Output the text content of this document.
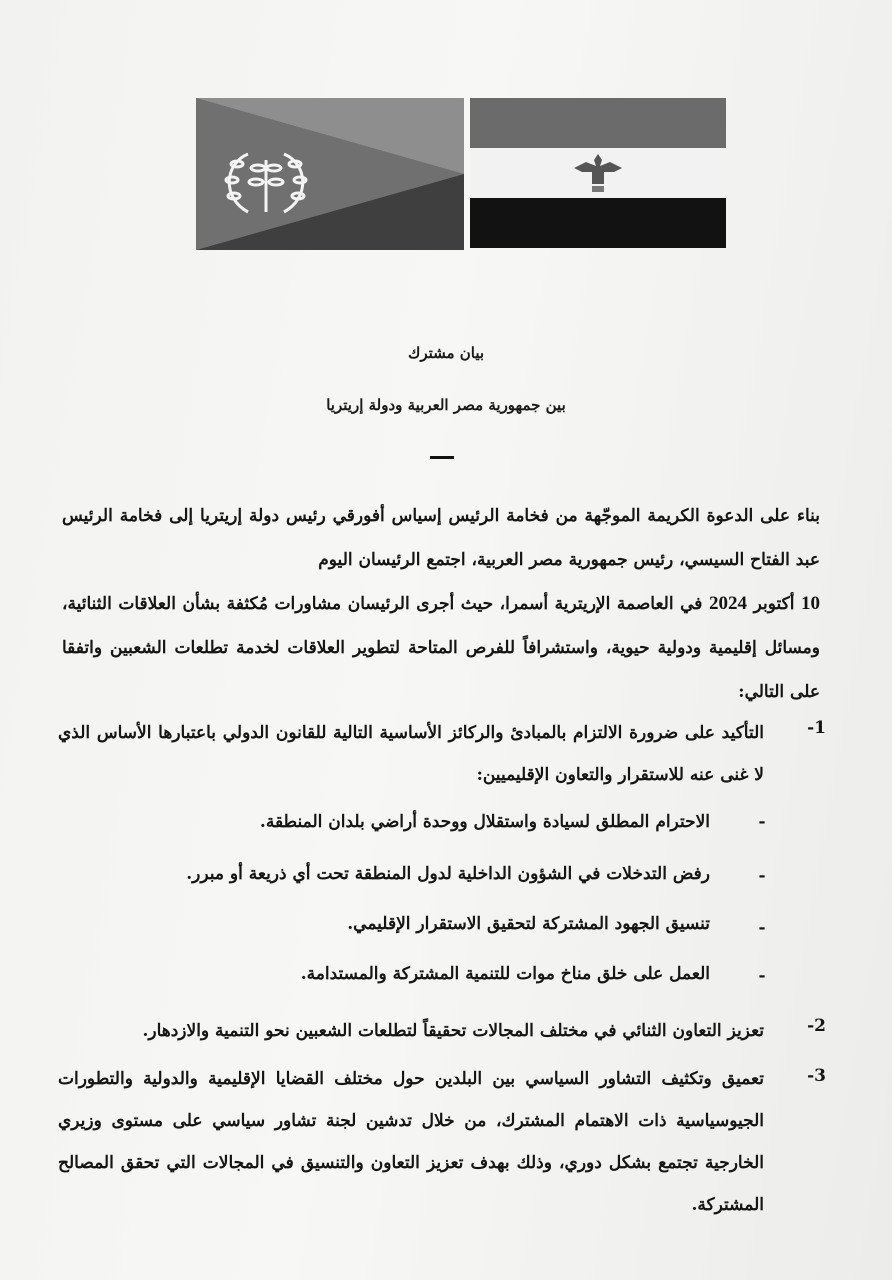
بيان مشترك

بين جمهورية مصر العربية ودولة إريتريا

بناء على الدعوة الكريمة الموجّهة من فخامة الرئيس إسياس أفورقي رئيس دولة إريتريا إلى فخامة الرئيس عبد الفتاح السيسي، رئيس جمهورية مصر العربية، اجتمع الرئيسان اليوم
10 أكتوبر 2024 في العاصمة الإريترية أسمرا، حيث أجرى الرئيسان مشاورات مُكثفة بشأن العلاقات الثنائية، ومسائل إقليمية ودولية حيوية، واستشرافاً للفرص المتاحة لتطوير العلاقات لخدمة تطلعات الشعبين واتفقا على التالي:

-1

التأكيد على ضرورة الالتزام بالمبادئ والركائز الأساسية التالية للقانون الدولي باعتبارها الأساس الذي لا غنى عنه للاستقرار والتعاون الإقليميين:

-

الاحترام المطلق لسيادة واستقلال ووحدة أراضي بلدان المنطقة.

-

رفض التدخلات في الشؤون الداخلية لدول المنطقة تحت أي ذريعة أو مبرر.

-

تنسيق الجهود المشتركة لتحقيق الاستقرار الإقليمي.

-

العمل على خلق مناخ موات للتنمية المشتركة والمستدامة.

-2

تعزيز التعاون الثنائي في مختلف المجالات تحقيقاً لتطلعات الشعبين نحو التنمية والازدهار.

-3

تعميق وتكثيف التشاور السياسي بين البلدين حول مختلف القضايا الإقليمية والدولية والتطورات الجيوسياسية ذات الاهتمام المشترك، من خلال تدشين لجنة تشاور سياسي على مستوى وزيري الخارجية تجتمع بشكل دوري، وذلك بهدف تعزيز التعاون والتنسيق في المجالات التي تحقق المصالح المشتركة.
